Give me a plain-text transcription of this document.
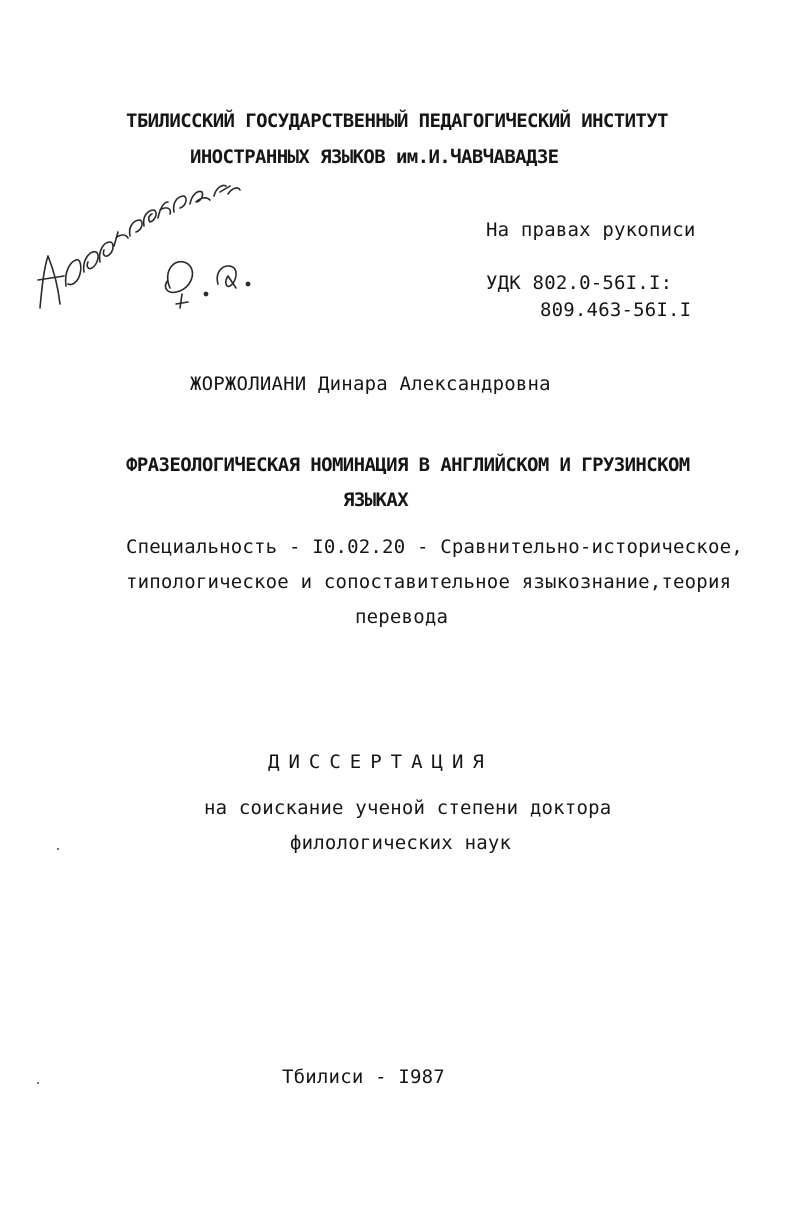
ТБИЛИССКИЙ ГОСУДАРСТВЕННЫЙ ПЕДАГОГИЧЕСКИЙ ИНСТИТУТ
ИНОСТРАННЫХ ЯЗЫКОВ им.И.ЧАВЧАВАДЗЕ
На правах рукописи
УДК 802.0-56I.I:
809.463-56I.I
ЖОРЖОЛИАНИ Динара Александровна
ФРАЗЕОЛОГИЧЕСКАЯ НОМИНАЦИЯ В АНГЛИЙСКОМ И ГРУЗИНСКОМ
ЯЗЫКАХ
Специальность - I0.02.20 - Сравнительно-историческое,
типологическое и сопоставительное языкознание,теория
перевода
ДИССЕРТАЦИЯ
на соискание ученой степени доктора
филологических наук
Тбилиси - I987
